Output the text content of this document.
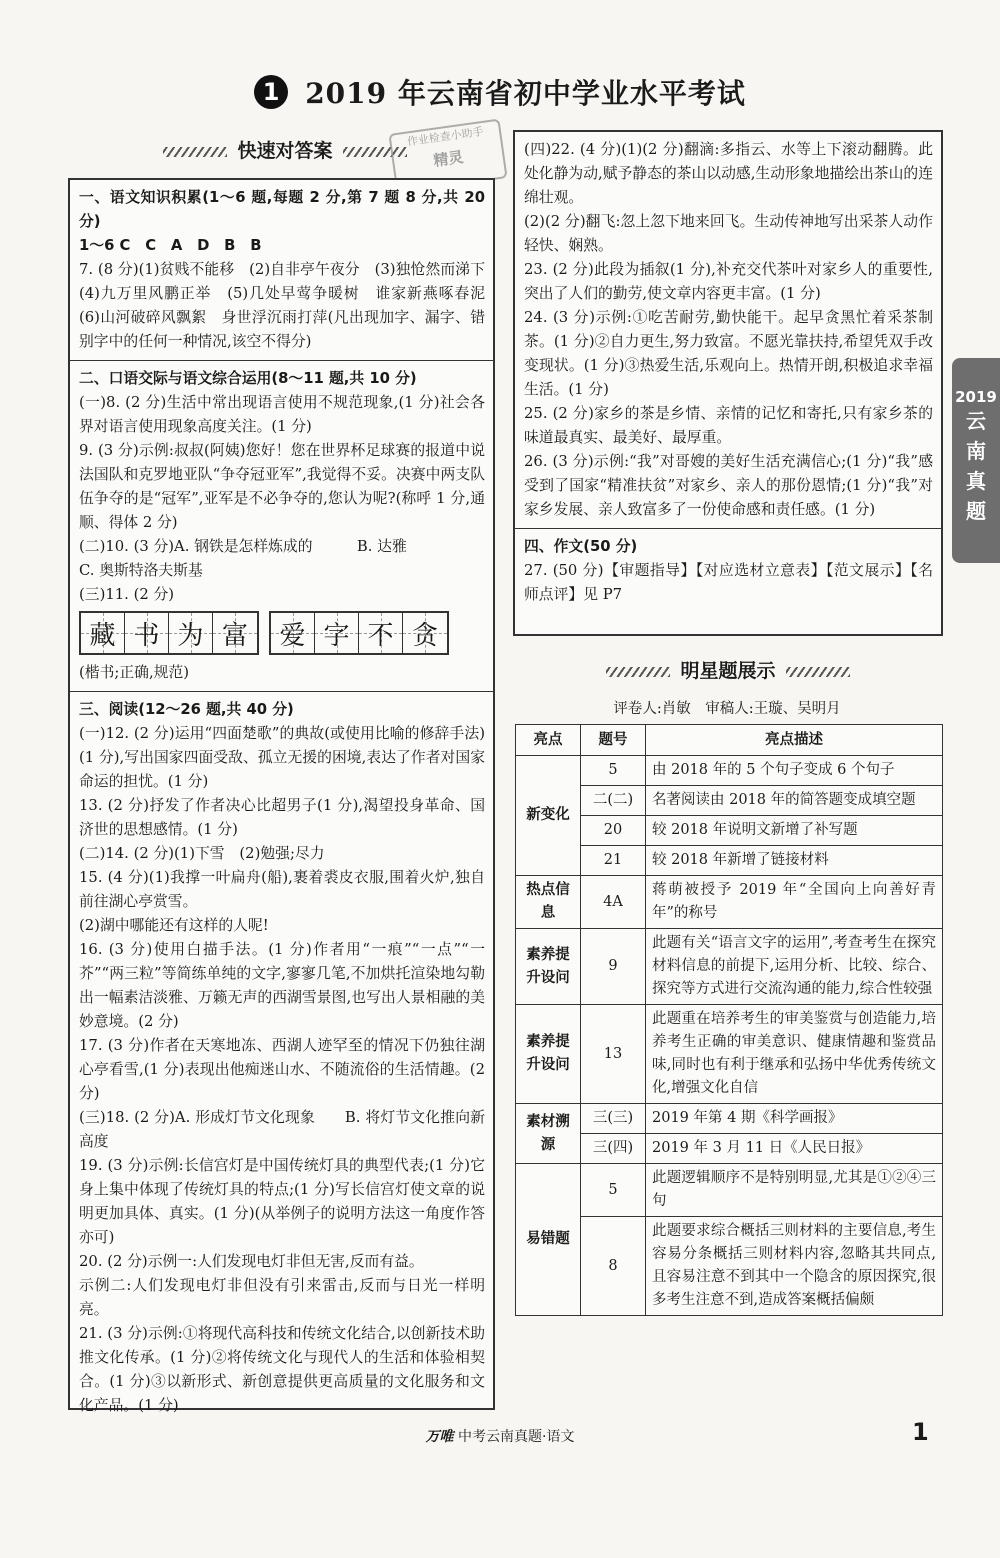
1 2019 年云南省初中学业水平考试
快速对答案
作业检查小助手
精灵

一、语文知识积累(1～6 题,每题 2 分,第 7 题 8 分,共 20 分)

1～6 C　C　A　D　B　B

7. (8 分)(1)贫贱不能移　(2)自非亭午夜分　(3)独怆然而涕下　(4)九万里风鹏正举　(5)几处早莺争暖树　谁家新燕啄春泥　(6)山河破碎风飘絮　身世浮沉雨打萍(凡出现加字、漏字、错别字中的任何一种情况,该空不得分)

二、口语交际与语文综合运用(8～11 题,共 10 分)

(一)8. (2 分)生活中常出现语言使用不规范现象,(1 分)社会各界对语言使用现象高度关注。(1 分)

9. (3 分)示例:叔叔(阿姨)您好！您在世界杯足球赛的报道中说法国队和克罗地亚队“争夺冠亚军”,我觉得不妥。决赛中两支队伍争夺的是“冠军”,亚军是不必争夺的,您认为呢?(称呼 1 分,通顺、得体 2 分)

(二)10. (3 分)A. 钢铁是怎样炼成的　　　B. 达雅

C. 奥斯特洛夫斯基

(三)11. (2 分)

藏 书 为 富 爱 字 不 贪

(楷书;正确,规范)

三、阅读(12～26 题,共 40 分)

(一)12. (2 分)运用“四面楚歌”的典故(或使用比喻的修辞手法)(1 分),写出国家四面受敌、孤立无援的困境,表达了作者对国家命运的担忧。(1 分)

13. (2 分)抒发了作者决心比超男子(1 分),渴望投身革命、国济世的思想感情。(1 分)

(二)14. (2 分)(1)下雪　(2)勉强;尽力

15. (4 分)(1)我撑一叶扁舟(船),裹着裘皮衣服,围着火炉,独自前往湖心亭赏雪。

(2)湖中哪能还有这样的人呢!

16. (3 分)使用白描手法。(1 分)作者用“一痕”“一点”“一芥”“两三粒”等简练单纯的文字,寥寥几笔,不加烘托渲染地勾勒出一幅素洁淡雅、万籁无声的西湖雪景图,也写出人景相融的美妙意境。(2 分)

17. (3 分)作者在天寒地冻、西湖人迹罕至的情况下仍独往湖心亭看雪,(1 分)表现出他痴迷山水、不随流俗的生活情趣。(2 分)

(三)18. (2 分)A. 形成灯节文化现象　　B. 将灯节文化推向新高度

19. (3 分)示例:长信宫灯是中国传统灯具的典型代表;(1 分)它身上集中体现了传统灯具的特点;(1 分)写长信宫灯使文章的说明更加具体、真实。(1 分)(从举例子的说明方法这一角度作答亦可)

20. (2 分)示例一:人们发现电灯非但无害,反而有益。

示例二:人们发现电灯非但没有引来雷击,反而与日光一样明亮。

21. (3 分)示例:①将现代高科技和传统文化结合,以创新技术助推文化传承。(1 分)②将传统文化与现代人的生活和体验相契合。(1 分)③以新形式、新创意提供更高质量的文化服务和文化产品。(1 分)

(四)22. (4 分)(1)(2 分)翻滴:多指云、水等上下滚动翻腾。此处化静为动,赋予静态的茶山以动感,生动形象地描绘出茶山的连绵壮观。

(2)(2 分)翻飞:忽上忽下地来回飞。生动传神地写出采茶人动作轻快、娴熟。

23. (2 分)此段为插叙(1 分),补充交代茶叶对家乡人的重要性,突出了人们的勤劳,使文章内容更丰富。(1 分)

24. (3 分)示例:①吃苦耐劳,勤快能干。起早贪黑忙着采茶制茶。(1 分)②自力更生,努力致富。不愿光靠扶持,希望凭双手改变现状。(1 分)③热爱生活,乐观向上。热情开朗,积极追求幸福生活。(1 分)

25. (2 分)家乡的茶是乡情、亲情的记忆和寄托,只有家乡茶的味道最真实、最美好、最厚重。

26. (3 分)示例:“我”对哥嫂的美好生活充满信心;(1 分)“我”感受到了国家“精准扶贫”对家乡、亲人的那份恩情;(1 分)“我”对家乡发展、亲人致富多了一份使命感和责任感。(1 分)

四、作文(50 分)

27. (50 分)【审题指导】【对应选材立意表】【范文展示】【名师点评】见 P7

明星题展示
评卷人:肖敏　审稿人:王璇、吴明月
亮点	题号	亮点描述
新变化	5	由 2018 年的 5 个句子变成 6 个句子
	二(二)	名著阅读由 2018 年的简答题变成填空题
	20	较 2018 年说明文新增了补写题
	21	较 2018 年新增了链接材料
热点信息	4A	蒋萌被授予 2019 年“全国向上向善好青年”的称号
素养提升设问	9	此题有关“语言文字的运用”,考查考生在探究材料信息的前提下,运用分析、比较、综合、探究等方式进行交流沟通的能力,综合性较强
素养提升设问	13	此题重在培养考生的审美鉴赏与创造能力,培养考生正确的审美意识、健康情趣和鉴赏品味,同时也有利于继承和弘扬中华优秀传统文化,增强文化自信
素材溯源	三(三)	2019 年第 4 期《科学画报》
	三(四)	2019 年 3 月 11 日《人民日报》
易错题	5	此题逻辑顺序不是特别明显,尤其是①②④三句
	8	此题要求综合概括三则材料的主要信息,考生容易分条概括三则材料内容,忽略其共同点,且容易注意不到其中一个隐含的原因探究,很多考生注意不到,造成答案概括偏颇
2019
云
南
真
题
万唯 中考云南真题·语文	1
